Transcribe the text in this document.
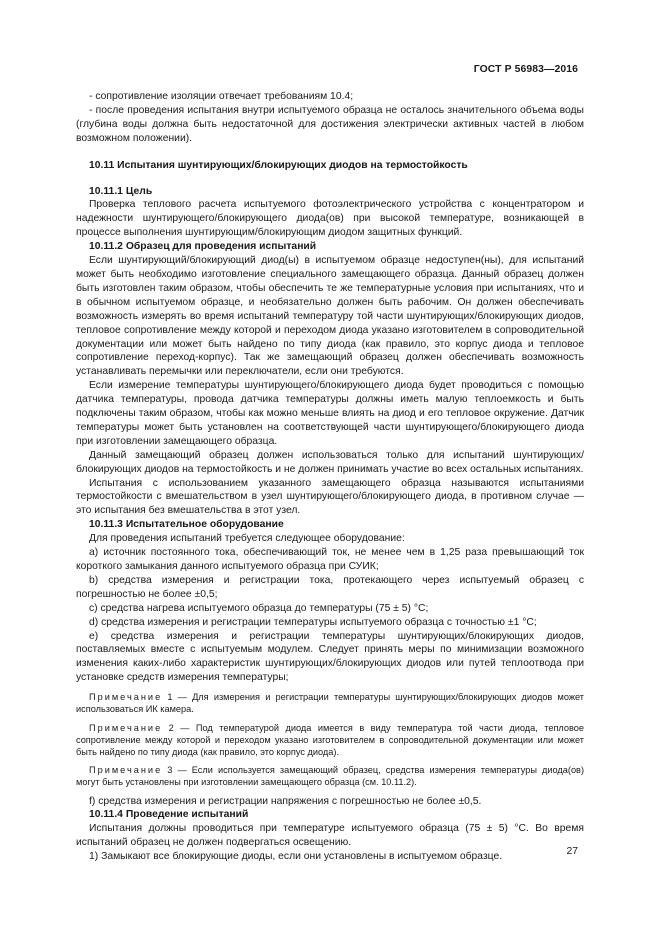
ГОСТ Р 56983—2016

- сопротивление изоляции отвечает требованиям 10.4;

- после проведения испытания внутри испытуемого образца не осталось значительного объема воды (глубина воды должна быть недостаточной для достижения электрически активных частей в любом возможном положении).

10.11 Испытания шунтирующих/блокирующих диодов на термостойкость

10.11.1 Цель

Проверка теплового расчета испытуемого фотоэлектрического устройства с концентратором и надежности шунтирующего/блокирующего диода(ов) при высокой температуре, возникающей в процессе выполнения шунтирующим/блокирующим диодом защитных функций.

10.11.2 Образец для проведения испытаний

Если шунтирующий/блокирующий диод(ы) в испытуемом образце недоступен(ны), для испытаний может быть необходимо изготовление специального замещающего образца. Данный образец должен быть изготовлен таким образом, чтобы обеспечить те же температурные условия при испытаниях, что и в обычном испытуемом образце, и необязательно должен быть рабочим. Он должен обеспечивать возможность измерять во время испытаний температуру той части шунтирующих/блокирующих диодов, тепловое сопротивление между которой и переходом диода указано изготовителем в сопроводительной документации или может быть найдено по типу диода (как правило, это корпус диода и тепловое сопротивление переход-корпус). Так же замещающий образец должен обеспечивать возможность устанавливать перемычки или переключатели, если они требуются.

Если измерение температуры шунтирующего/блокирующего диода будет проводиться с помощью датчика температуры, провода датчика температуры должны иметь малую теплоемкость и быть подключены таким образом, чтобы как можно меньше влиять на диод и его тепловое окружение. Датчик температуры может быть установлен на соответствующей части шунтирующего/блокирующего диода при изготовлении замещающего образца.

Данный замещающий образец должен использоваться только для испытаний шунтирующих/блокирующих диодов на термостойкость и не должен принимать участие во всех остальных испытаниях.

Испытания с использованием указанного замещающего образца называются испытаниями термостойкости с вмешательством в узел шунтирующего/блокирующего диода, в противном случае — это испытания без вмешательства в этот узел.

10.11.3 Испытательное оборудование

Для проведения испытаний требуется следующее оборудование:

a) источник постоянного тока, обеспечивающий ток, не менее чем в 1,25 раза превышающий ток короткого замыкания данного испытуемого образца при СУИК;

b) средства измерения и регистрации тока, протекающего через испытуемый образец с погрешностью не более ±0,5;

c) средства нагрева испытуемого образца до температуры (75 ± 5) °С;

d) средства измерения и регистрации температуры испытуемого образца с точностью ±1 °С;

e) средства измерения и регистрации температуры шунтирующих/блокирующих диодов, поставляемых вместе с испытуемым модулем. Следует принять меры по минимизации возможного изменения каких-либо характеристик шунтирующих/блокирующих диодов или путей теплоотвода при установке средств измерения температуры;

Примечание 1 — Для измерения и регистрации температуры шунтирующих/блокирующих диодов может использоваться ИК камера.

Примечание 2 — Под температурой диода имеется в виду температура той части диода, тепловое сопротивление между которой и переходом указано изготовителем в сопроводительной документации или может быть найдено по типу диода (как правило, это корпус диода).

Примечание 3 — Если используется замещающий образец, средства измерения температуры диода(ов) могут быть установлены при изготовлении замещающего образца (см. 10.11.2).

f) средства измерения и регистрации напряжения с погрешностью не более ±0,5.

10.11.4 Проведение испытаний

Испытания должны проводиться при температуре испытуемого образца (75 ± 5) °С. Во время испытаний образец не должен подвергаться освещению.

1) Замыкают все блокирующие диоды, если они установлены в испытуемом образце.	27
